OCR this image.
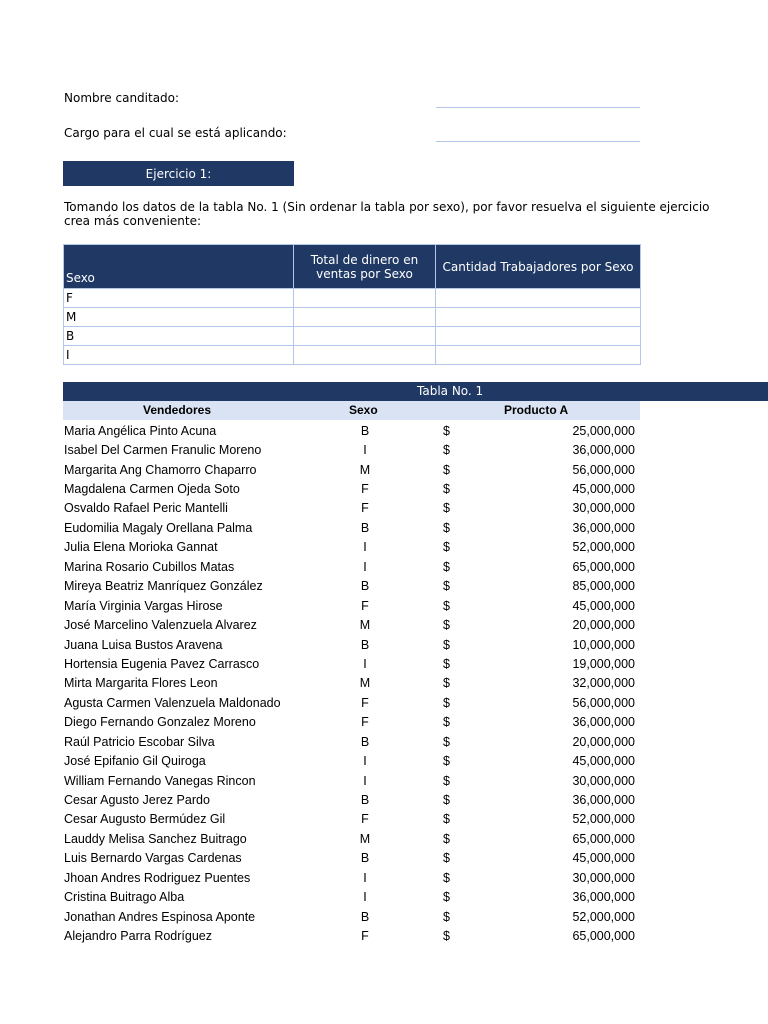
Nombre canditado:
Cargo para el cual se está aplicando:
Ejercicio 1:
Tomando los datos de la tabla No. 1 (Sin ordenar la tabla por sexo), por favor resuelva el siguiente ejercicio
crea más conveniente:
Sexo	Total de dinero en ventas por Sexo	Cantidad Trabajadores por Sexo
F		
M		
B		
I		
Tabla No. 1
Vendedores	Sexo	Producto A
Maria Angélica Pinto Acuna	B	$	25,000,000
Isabel Del Carmen Franulic Moreno	I	$	36,000,000
Margarita Ang Chamorro Chaparro	M	$	56,000,000
Magdalena Carmen Ojeda Soto	F	$	45,000,000
Osvaldo Rafael Peric Mantelli	F	$	30,000,000
Eudomilia Magaly Orellana Palma	B	$	36,000,000
Julia Elena Morioka Gannat	I	$	52,000,000
Marina Rosario Cubillos Matas	I	$	65,000,000
Mireya Beatriz Manríquez González	B	$	85,000,000
María Virginia Vargas Hirose	F	$	45,000,000
José Marcelino Valenzuela Alvarez	M	$	20,000,000
Juana Luisa Bustos Aravena	B	$	10,000,000
Hortensia Eugenia Pavez Carrasco	I	$	19,000,000
Mirta Margarita Flores Leon	M	$	32,000,000
Agusta Carmen Valenzuela Maldonado	F	$	56,000,000
Diego Fernando Gonzalez Moreno	F	$	36,000,000
Raúl Patricio Escobar Silva	B	$	20,000,000
José Epifanio Gil Quiroga	I	$	45,000,000
William Fernando Vanegas Rincon	I	$	30,000,000
Cesar Agusto Jerez Pardo	B	$	36,000,000
Cesar Augusto Bermúdez Gil	F	$	52,000,000
Lauddy Melisa Sanchez Buitrago	M	$	65,000,000
Luis Bernardo Vargas Cardenas	B	$	45,000,000
Jhoan Andres Rodriguez Puentes	I	$	30,000,000
Cristina Buitrago Alba	I	$	36,000,000
Jonathan Andres Espinosa Aponte	B	$	52,000,000
Alejandro Parra Rodríguez	F	$	65,000,000
